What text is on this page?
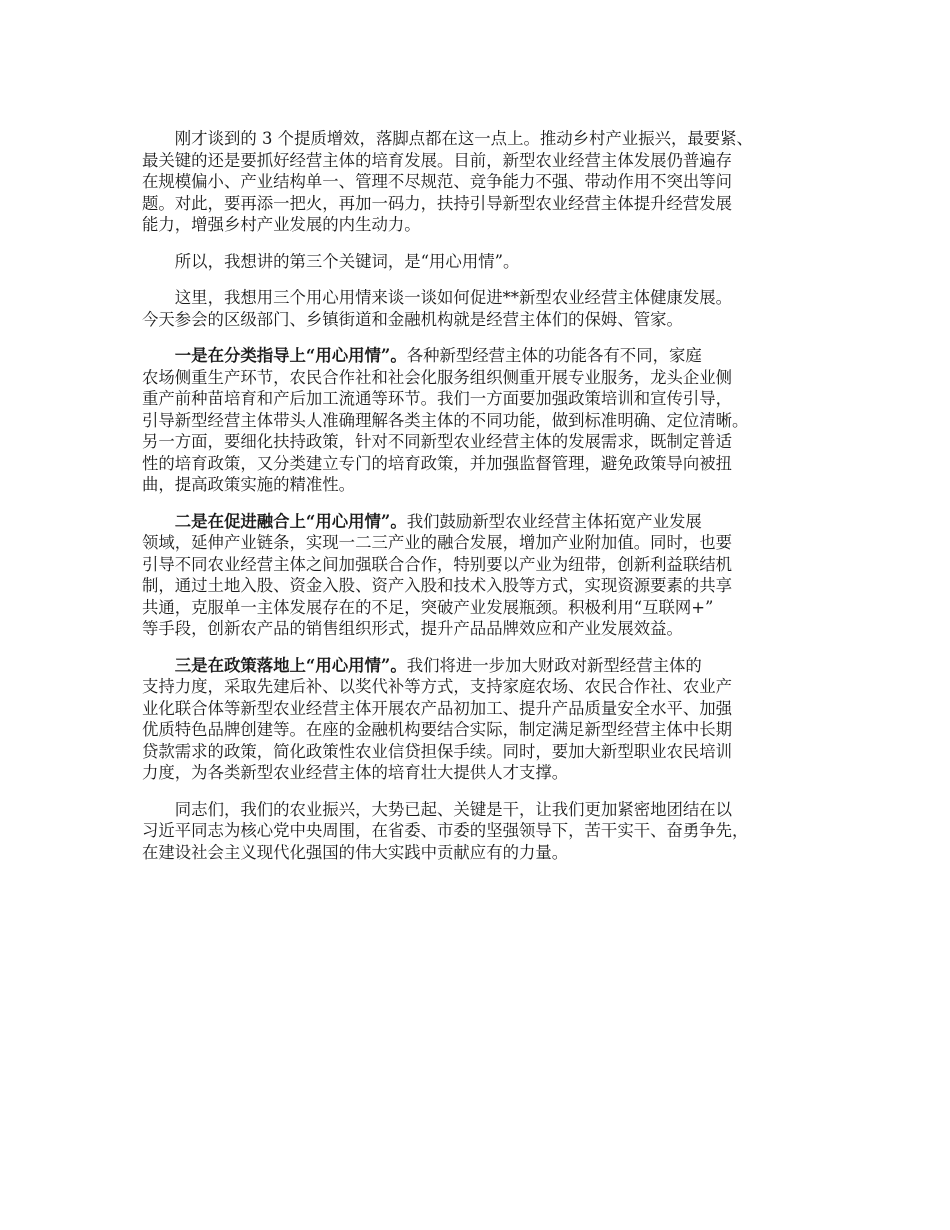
刚才谈到的 3 个提质增效，落脚点都在这一点上。推动乡村产业振兴，最要紧、
最关键的还是要抓好经营主体的培育发展。目前，新型农业经营主体发展仍普遍存
在规模偏小、产业结构单一、管理不尽规范、竞争能力不强、带动作用不突出等问
题。对此，要再添一把火，再加一码力，扶持引导新型农业经营主体提升经营发展
能力，增强乡村产业发展的内生动力。

所以，我想讲的第三个关键词，是“用心用情”。

这里，我想用三个用心用情来谈一谈如何促进**新型农业经营主体健康发展。
今天参会的区级部门、乡镇街道和金融机构就是经营主体们的保姆、管家。

一是在分类指导上“用心用情”。各种新型经营主体的功能各有不同，家庭
农场侧重生产环节，农民合作社和社会化服务组织侧重开展专业服务，龙头企业侧
重产前种苗培育和产后加工流通等环节。我们一方面要加强政策培训和宣传引导，
引导新型经营主体带头人准确理解各类主体的不同功能，做到标准明确、定位清晰。
另一方面，要细化扶持政策，针对不同新型农业经营主体的发展需求，既制定普适
性的培育政策，又分类建立专门的培育政策，并加强监督管理，避免政策导向被扭
曲，提高政策实施的精准性。

二是在促进融合上“用心用情”。我们鼓励新型农业经营主体拓宽产业发展
领域，延伸产业链条，实现一二三产业的融合发展，增加产业附加值。同时，也要
引导不同农业经营主体之间加强联合合作，特别要以产业为纽带，创新利益联结机
制，通过土地入股、资金入股、资产入股和技术入股等方式，实现资源要素的共享
共通，克服单一主体发展存在的不足，突破产业发展瓶颈。积极利用“互联网+”
等手段，创新农产品的销售组织形式，提升产品品牌效应和产业发展效益。

三是在政策落地上“用心用情”。我们将进一步加大财政对新型经营主体的
支持力度，采取先建后补、以奖代补等方式，支持家庭农场、农民合作社、农业产
业化联合体等新型农业经营主体开展农产品初加工、提升产品质量安全水平、加强
优质特色品牌创建等。在座的金融机构要结合实际，制定满足新型经营主体中长期
贷款需求的政策，简化政策性农业信贷担保手续。同时，要加大新型职业农民培训
力度，为各类新型农业经营主体的培育壮大提供人才支撑。

同志们，我们的农业振兴，大势已起、关键是干，让我们更加紧密地团结在以
习近平同志为核心党中央周围，在省委、市委的坚强领导下，苦干实干、奋勇争先，
在建设社会主义现代化强国的伟大实践中贡献应有的力量。
